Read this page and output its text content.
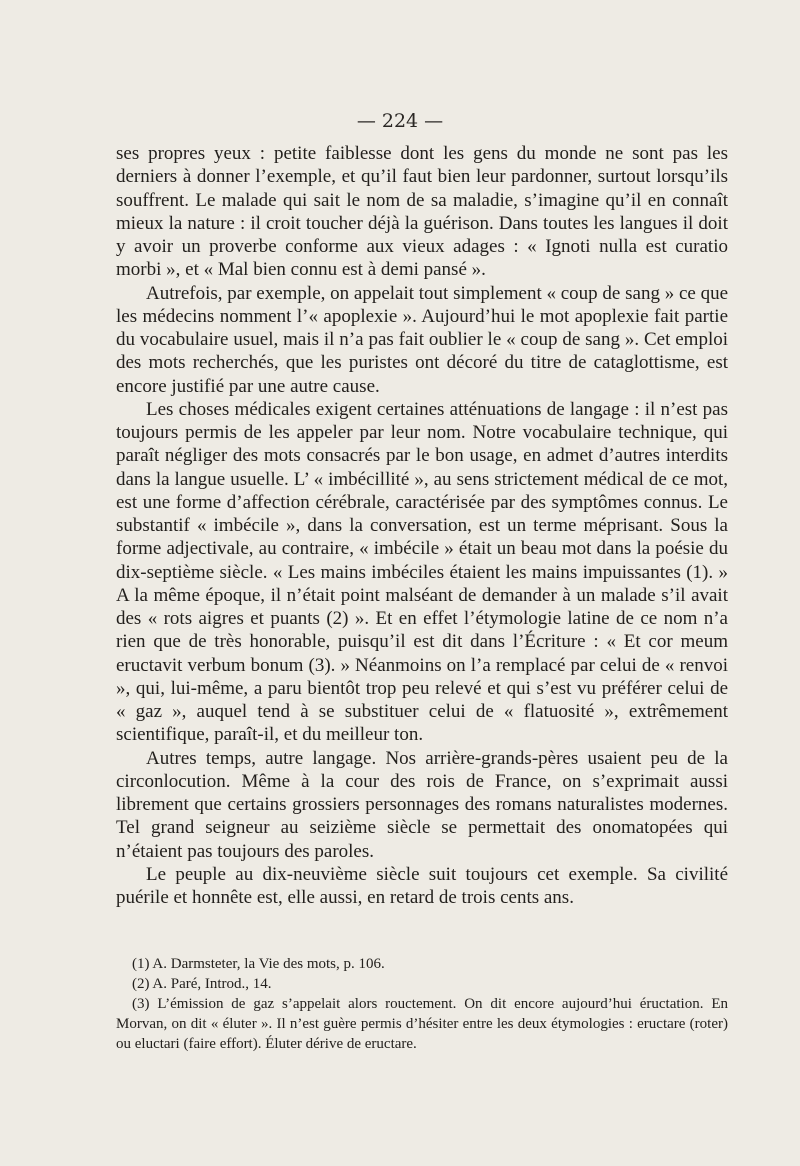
— 224 —

ses propres yeux : petite faiblesse dont les gens du monde ne sont pas les derniers à donner l’exemple, et qu’il faut bien leur pardonner, surtout lorsqu’ils souffrent. Le malade qui sait le nom de sa maladie, s’imagine qu’il en connaît mieux la nature : il croit toucher déjà la guérison. Dans toutes les langues il doit y avoir un proverbe conforme aux vieux adages : « Ignoti nulla est curatio morbi », et « Mal bien connu est à demi pansé ».

Autrefois, par exemple, on appelait tout simplement « coup de sang » ce que les médecins nomment l’« apoplexie ». Aujourd’hui le mot apoplexie fait partie du vocabulaire usuel, mais il n’a pas fait oublier le « coup de sang ». Cet emploi des mots recherchés, que les puristes ont décoré du titre de cataglottisme, est encore justifié par une autre cause.

Les choses médicales exigent certaines atténuations de langage : il n’est pas toujours permis de les appeler par leur nom. Notre vocabulaire technique, qui paraît négliger des mots consacrés par le bon usage, en admet d’autres interdits dans la langue usuelle. L’ « imbécillité », au sens strictement médical de ce mot, est une forme d’affection cérébrale, caractérisée par des symptômes connus. Le substantif « imbécile », dans la conversation, est un terme méprisant. Sous la forme adjectivale, au contraire, « imbécile » était un beau mot dans la poésie du dix-septième siècle. « Les mains imbéciles étaient les mains impuissantes (1). » A la même époque, il n’était point malséant de demander à un malade s’il avait des « rots aigres et puants (2) ». Et en effet l’étymologie latine de ce nom n’a rien que de très honorable, puisqu’il est dit dans l’Écriture : « Et cor meum eructavit verbum bonum (3). » Néanmoins on l’a remplacé par celui de « renvoi », qui, lui-même, a paru bientôt trop peu relevé et qui s’est vu préférer celui de « gaz », auquel tend à se substituer celui de « flatuosité », extrêmement scientifique, paraît-il, et du meilleur ton.

Autres temps, autre langage. Nos arrière-grands-pères usaient peu de la circonlocution. Même à la cour des rois de France, on s’exprimait aussi librement que certains grossiers personnages des romans naturalistes modernes. Tel grand seigneur au seizième siècle se permettait des onomatopées qui n’étaient pas toujours des paroles.

Le peuple au dix-neuvième siècle suit toujours cet exemple. Sa civilité puérile et honnête est, elle aussi, en retard de trois cents ans.

(1) A. Darmsteter, la Vie des mots, p. 106.

(2) A. Paré, Introd., 14.

(3) L’émission de gaz s’appelait alors rouctement. On dit encore aujourd’hui éructation. En Morvan, on dit « éluter ». Il n’est guère permis d’hésiter entre les deux étymologies : eructare (roter) ou eluctari (faire effort). Éluter dérive de eructare.
